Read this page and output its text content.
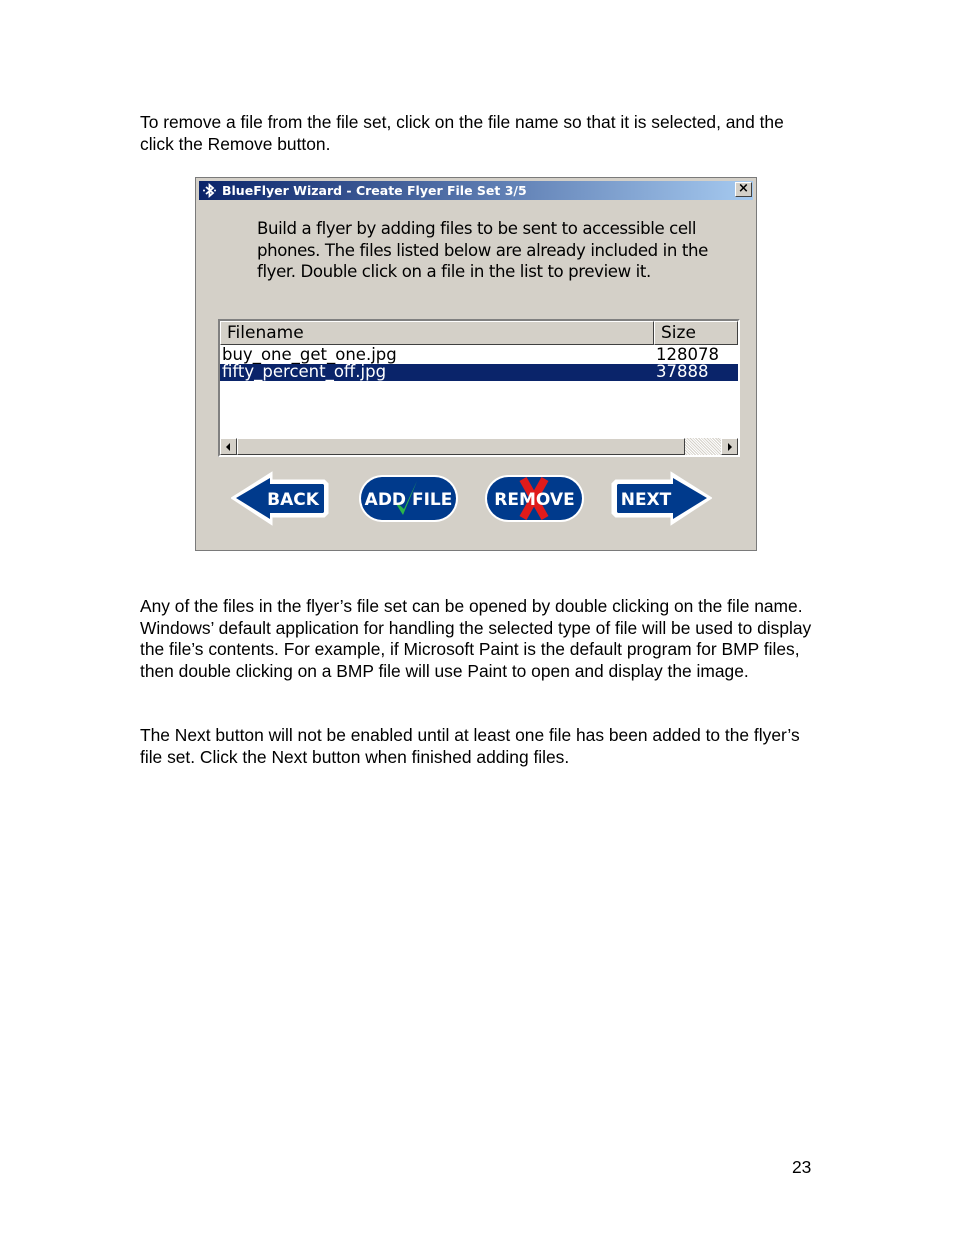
To remove a file from the file set, click on the file name so that it is selected, and the click the Remove button.

BlueFlyer Wizard - Create Flyer File Set 3/5	×

Build a flyer by adding files to be sent to accessible cell phones. The files listed below are already included in the flyer. Double click on a file in the list to preview it.

Filename	Size
buy_one_get_one.jpg	128078
fifty_percent_off.jpg	37888
BACK	ADD FILE REMOVE	NEXT

Any of the files in the flyer’s file set can be opened by double clicking on the file name. Windows’ default application for handling the selected type of file will be used to display the file’s contents. For example, if Microsoft Paint is the default program for BMP files, then double clicking on a BMP file will use Paint to open and display the image.

The Next button will not be enabled until at least one file has been added to the flyer’s file set. Click the Next button when finished adding files.

23
